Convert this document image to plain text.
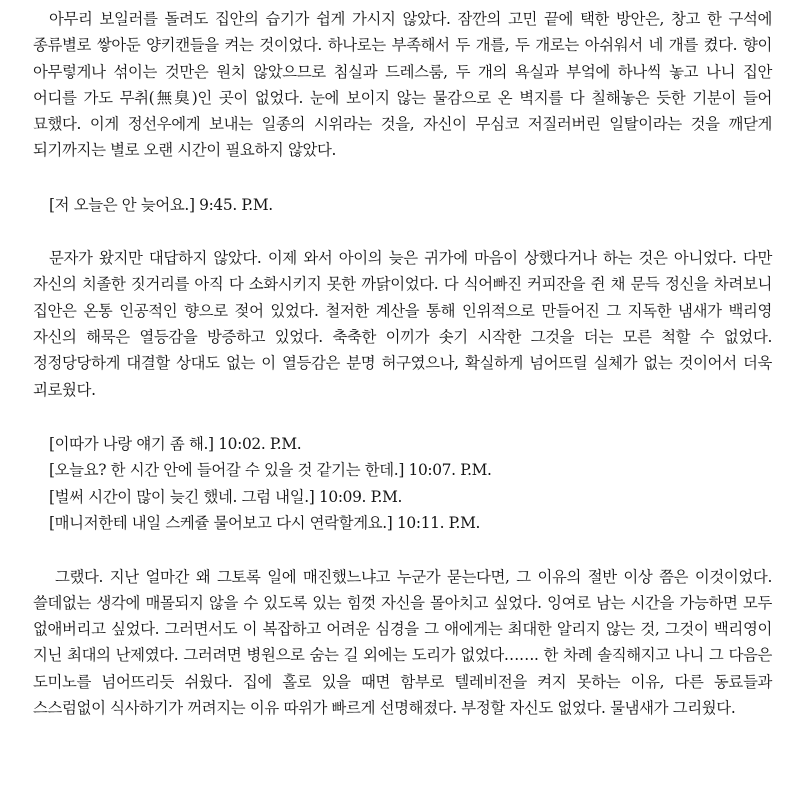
아무리 보일러를 돌려도 집안의 습기가 쉽게 가시지 않았다. 잠깐의 고민 끝에 택한 방안은, 창고 한 구석에 종류별로 쌓아둔 양키캔들을 켜는 것이었다. 하나로는 부족해서 두 개를, 두 개로는 아쉬워서 네 개를 켰다. 향이 아무렇게나 섞이는 것만은 원치 않았으므로 침실과 드레스룸, 두 개의 욕실과 부엌에 하나씩 놓고 나니 집안 어디를 가도 무취(無臭)인 곳이 없었다. 눈에 보이지 않는 물감으로 온 벽지를 다 칠해놓은 듯한 기분이 들어 묘했다. 이게 정선우에게 보내는 일종의 시위라는 것을, 자신이 무심코 저질러버린 일탈이라는 것을 깨닫게 되기까지는 별로 오랜 시간이 필요하지 않았다.

[저 오늘은 안 늦어요.] 9:45. P.M.

문자가 왔지만 대답하지 않았다. 이제 와서 아이의 늦은 귀가에 마음이 상했다거나 하는 것은 아니었다. 다만 자신의 치졸한 짓거리를 아직 다 소화시키지 못한 까닭이었다. 다 식어빠진 커피잔을 쥔 채 문득 정신을 차려보니 집안은 온통 인공적인 향으로 젖어 있었다. 철저한 계산을 통해 인위적으로 만들어진 그 지독한 냄새가 백리영 자신의 해묵은 열등감을 방증하고 있었다. 축축한 이끼가 솟기 시작한 그것을 더는 모른 척할 수 없었다. 정정당당하게 대결할 상대도 없는 이 열등감은 분명 허구였으나, 확실하게 넘어뜨릴 실체가 없는 것이어서 더욱 괴로웠다.

[이따가 나랑 얘기 좀 해.] 10:02. P.M.

[오늘요? 한 시간 안에 들어갈 수 있을 것 같기는 한데.] 10:07. P.M.

[벌써 시간이 많이 늦긴 했네. 그럼 내일.] 10:09. P.M.

[매니저한테 내일 스케쥴 물어보고 다시 연락할게요.] 10:11. P.M.

그랬다. 지난 얼마간 왜 그토록 일에 매진했느냐고 누군가 묻는다면, 그 이유의 절반 이상 쯤은 이것이었다. 쓸데없는 생각에 매몰되지 않을 수 있도록 있는 힘껏 자신을 몰아치고 싶었다. 잉여로 남는 시간을 가능하면 모두 없애버리고 싶었다. 그러면서도 이 복잡하고 어려운 심경을 그 애에게는 최대한 알리지 않는 것, 그것이 백리영이 지닌 최대의 난제였다. 그러려면 병원으로 숨는 길 외에는 도리가 없었다……. 한 차례 솔직해지고 나니 그 다음은 도미노를 넘어뜨리듯 쉬웠다. 집에 홀로 있을 때면 함부로 텔레비전을 켜지 못하는 이유, 다른 동료들과 스스럼없이 식사하기가 꺼려지는 이유 따위가 빠르게 선명해졌다. 부정할 자신도 없었다. 물냄새가 그리웠다.
